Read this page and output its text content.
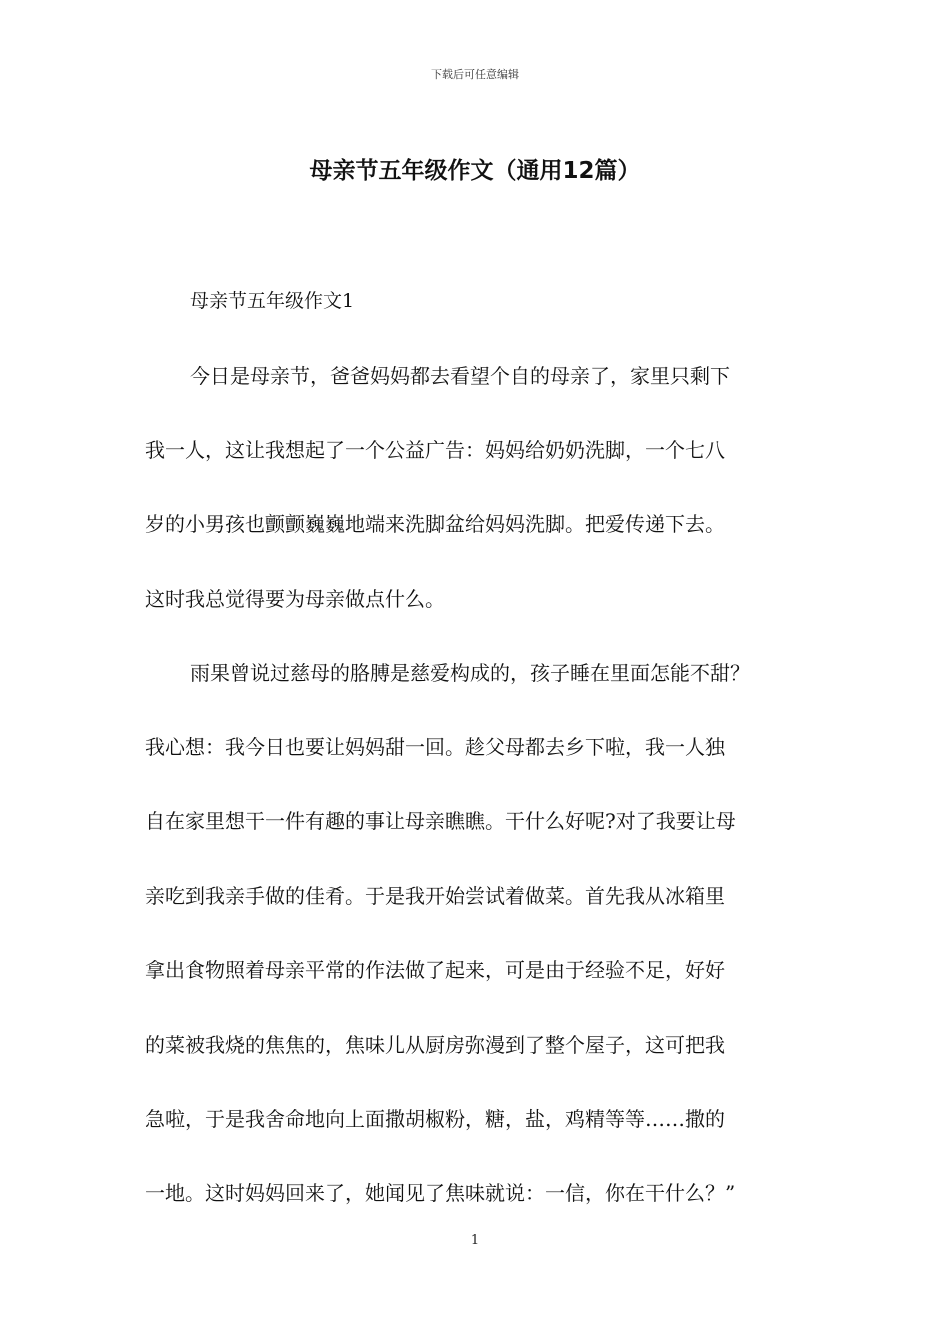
下载后可任意编辑
母亲节五年级作文（通用12篇）
母亲节五年级作文1
今日是母亲节，爸爸妈妈都去看望个自的母亲了，家里只剩下
我一人，这让我想起了一个公益广告：妈妈给奶奶洗脚，一个七八
岁的小男孩也颤颤巍巍地端来洗脚盆给妈妈洗脚。把爱传递下去。
这时我总觉得要为母亲做点什么。
雨果曾说过慈母的胳膊是慈爱构成的，孩子睡在里面怎能不甜？
我心想：我今日也要让妈妈甜一回。趁父母都去乡下啦，我一人独
自在家里想干一件有趣的事让母亲瞧瞧。干什么好呢?对了我要让母
亲吃到我亲手做的佳肴。于是我开始尝试着做菜。首先我从冰箱里
拿出食物照着母亲平常的作法做了起来，可是由于经验不足，好好
的菜被我烧的焦焦的，焦味儿从厨房弥漫到了整个屋子，这可把我
急啦，于是我舍命地向上面撒胡椒粉，糖，盐，鸡精等等……撒的
一地。这时妈妈回来了，她闻见了焦味就说：一信，你在干什么？”
1
